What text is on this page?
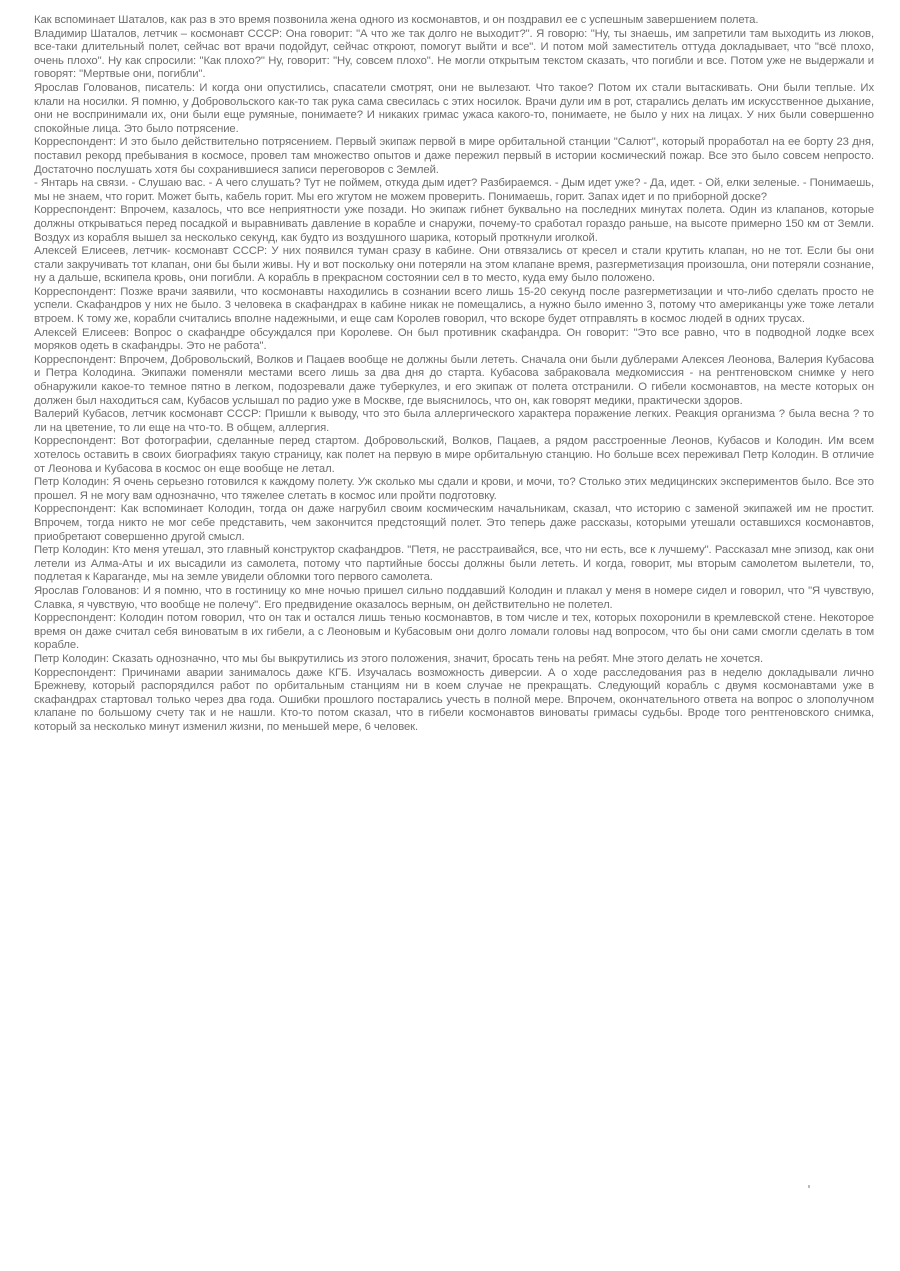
Как вспоминает Шаталов, как раз в это время позвонила жена одного из космонавтов, и он поздравил ее с успешным завершением полета.

Владимир Шаталов, летчик – космонавт СССР: Она говорит: "А что же так долго не выходит?". Я говорю: "Ну, ты знаешь, им запретили там выходить из люков, все-таки длительный полет, сейчас вот врачи подойдут, сейчас откроют, помогут выйти и все". И потом мой заместитель оттуда докладывает, что "всё плохо, очень плохо". Ну как спросили: "Как плохо?" Ну, говорит: "Ну, совсем плохо". Не могли открытым текстом сказать, что погибли и все. Потом уже не выдержали и говорят: "Мертвые они, погибли".

Ярослав Голованов, писатель: И когда они опустились, спасатели смотрят, они не вылезают. Что такое? Потом их стали вытаскивать. Они были теплые. Их клали на носилки. Я помню, у Добровольского как-то так рука сама свесилась с этих носилок. Врачи дули им в рот, старались делать им искусственное дыхание, они не воспринимали их, они были еще румяные, понимаете? И никаких гримас ужаса какого-то, понимаете, не было у них на лицах. У них были совершенно спокойные лица. Это было потрясение.

Корреспондент: И это было действительно потрясением. Первый экипаж первой в мире орбитальной станции "Салют", который проработал на ее борту 23 дня, поставил рекорд пребывания в космосе, провел там множество опытов и даже пережил первый в истории космический пожар. Все это было совсем непросто. Достаточно послушать хотя бы сохранившиеся записи переговоров с Землей.

- Янтарь на связи. - Слушаю вас. - А чего слушать? Тут не поймем, откуда дым идет? Разбираемся. - Дым идет уже? - Да, идет. - Ой, елки зеленые. - Понимаешь, мы не знаем, что горит. Может быть, кабель горит. Мы его жгутом не можем проверить. Понимаешь, горит. Запах идет и по приборной доске?

Корреспондент: Впрочем, казалось, что все неприятности уже позади. Но экипаж гибнет буквально на последних минутах полета. Один из клапанов, которые должны открываться перед посадкой и выравнивать давление в корабле и снаружи, почему-то сработал гораздо раньше, на высоте примерно 150 км от Земли. Воздух из корабля вышел за несколько секунд, как будто из воздушного шарика, который проткнули иголкой.

Алексей Елисеев, летчик- космонавт СССР: У них появился туман сразу в кабине. Они отвязались от кресел и стали крутить клапан, но не тот. Если бы они стали закручивать тот клапан, они бы были живы. Ну и вот поскольку они потеряли на этом клапане время, разгерметизация произошла, они потеряли сознание, ну а дальше, вскипела кровь, они погибли. А корабль в прекрасном состоянии сел в то место, куда ему было положено.

Корреспондент: Позже врачи заявили, что космонавты находились в сознании всего лишь 15-20 секунд после разгерметизации и что-либо сделать просто не успели. Скафандров у них не было. 3 человека в скафандрах в кабине никак не помещались, а нужно было именно 3, потому что американцы уже тоже летали втроем. К тому же, корабли считались вполне надежными, и еще сам Королев говорил, что вскоре будет отправлять в космос людей в одних трусах.

Алексей Елисеев: Вопрос о скафандре обсуждался при Королеве. Он был противник скафандра. Он говорит: "Это все равно, что в подводной лодке всех моряков одеть в скафандры. Это не работа".

Корреспондент: Впрочем, Добровольский, Волков и Пацаев вообще не должны были лететь. Сначала они были дублерами Алексея Леонова, Валерия Кубасова и Петра Колодина. Экипажи поменяли местами всего лишь за два дня до старта. Кубасова забраковала медкомиссия - на рентгеновском снимке у него обнаружили какое-то темное пятно в легком, подозревали даже туберкулез, и его экипаж от полета отстранили. О гибели космонавтов, на месте которых он должен был находиться сам, Кубасов услышал по радио уже в Москве, где выяснилось, что он, как говорят медики, практически здоров.

Валерий Кубасов, летчик космонавт СССР: Пришли к выводу, что это была аллергического характера поражение легких. Реакция организма ? была весна ? то ли на цветение, то ли еще на что-то. В общем, аллергия.

Корреспондент: Вот фотографии, сделанные перед стартом. Добровольский, Волков, Пацаев, а рядом расстроенные Леонов, Кубасов и Колодин. Им всем хотелось оставить в своих биографиях такую страницу, как полет на первую в мире орбитальную станцию. Но больше всех переживал Петр Колодин. В отличие от Леонова и Кубасова в космос он еще вообще не летал.

Петр Колодин: Я очень серьезно готовился к каждому полету. Уж сколько мы сдали и крови, и мочи, то? Столько этих медицинских экспериментов было. Все это прошел. Я не могу вам однозначно, что тяжелее слетать в космос или пройти подготовку.

Корреспондент: Как вспоминает Колодин, тогда он даже нагрубил своим космическим начальникам, сказал, что историю с заменой экипажей им не простит. Впрочем, тогда никто не мог себе представить, чем закончится предстоящий полет. Это теперь даже рассказы, которыми утешали оставшихся космонавтов, приобретают совершенно другой смысл.

Петр Колодин: Кто меня утешал, это главный конструктор скафандров. "Петя, не расстраивайся, все, что ни есть, все к лучшему". Рассказал мне эпизод, как они летели из Алма-Аты и их высадили из самолета, потому что партийные боссы должны были лететь. И когда, говорит, мы вторым самолетом вылетели, то, подлетая к Караганде, мы на земле увидели обломки того первого самолета.

Ярослав Голованов: И я помню, что в гостиницу ко мне ночью пришел сильно поддавший Колодин и плакал у меня в номере сидел и говорил, что "Я чувствую, Славка, я чувствую, что вообще не полечу". Его предвидение оказалось верным, он действительно не полетел.

Корреспондент: Колодин потом говорил, что он так и остался лишь тенью космонавтов, в том числе и тех, которых похоронили в кремлевской стене. Некоторое время он даже считал себя виноватым в их гибели, а с Леоновым и Кубасовым они долго ломали головы над вопросом, что бы они сами смогли сделать в том корабле.

Петр Колодин: Сказать однозначно, что мы бы выкрутились из этого положения, значит, бросать тень на ребят. Мне этого делать не хочется.

Корреспондент: Причинами аварии занималось даже КГБ. Изучалась возможность диверсии. А о ходе расследования раз в неделю докладывали лично Брежневу, который распорядился работ по орбитальным станциям ни в коем случае не прекращать. Следующий корабль с двумя космонавтами уже в скафандрах стартовал только через два года. Ошибки прошлого постарались учесть в полной мере. Впрочем, окончательного ответа на вопрос о злополучном клапане по большому счету так и не нашли. Кто-то потом сказал, что в гибели космонавтов виноваты гримасы судьбы. Вроде того рентгеновского снимка, который за несколько минут изменил жизни, по меньшей мере, 6 человек.
